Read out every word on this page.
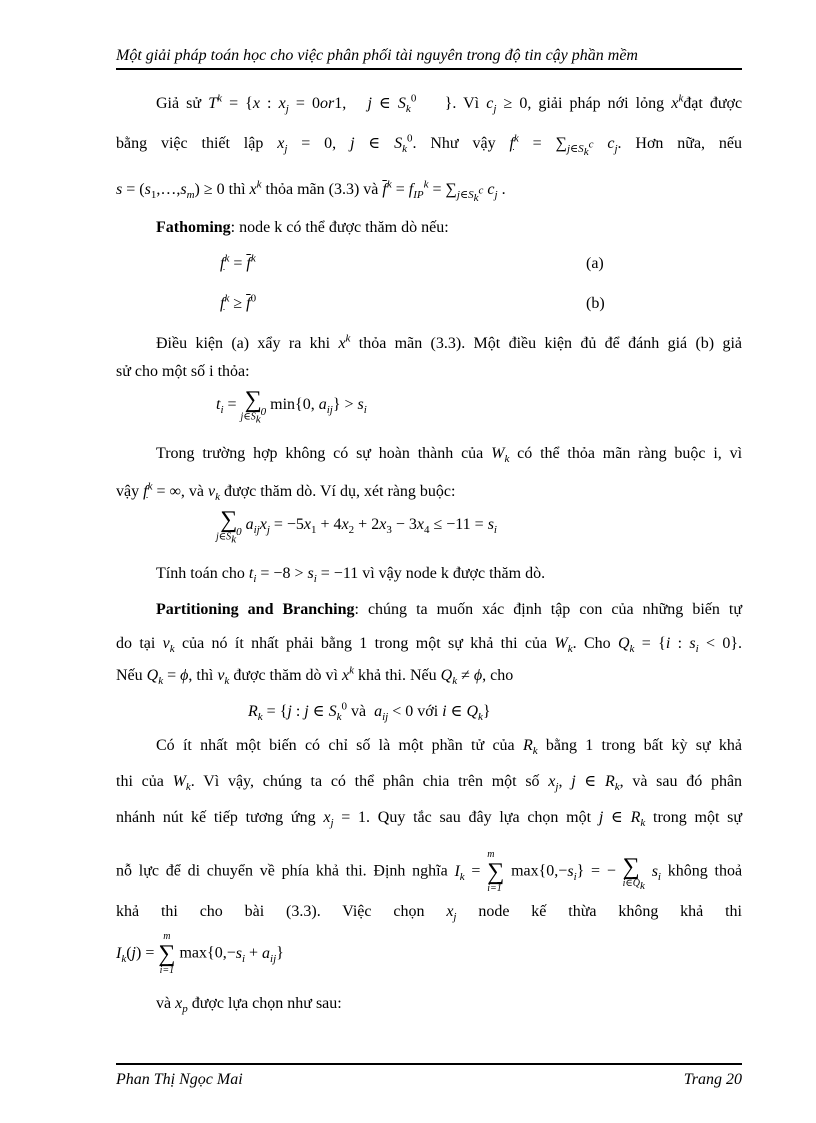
Một giải pháp toán học cho việc phân phối tài nguyên trong độ tin cậy phần mềm
Giả sử $T^k = \{x$ : $x_j = 0or1$,   j ∈ $S_k^0$    }. Vì $c_j \ge 0$, giải pháp nới lỏng $x^kđạt$ được
bằng việc thiết lập $x_j = 0$, j ∈ $S_k^0$. Như vậy $f^k = \sum_{j\in S_k^c}$ $c_j$. Hơn nữa, nếu
$s = (s_1,\dots,s_m) \ge 0$ thì $x^k$ thỏa mãn (3.3) và $\overline{f}^k = f_{IP}^k = \sum_{j\in S_k^c}$ $c_j$ .
Fathoming: node k có thể được thăm dò nếu:
$f^k = \overline{f}^k$	(a)
$f^k \ge \overline{f}^0$	(b)
Điều kiện (a) xẩy ra khi $x^k$ thỏa mãn (3.3). Một điều kiện đủ để đánh giá (b) giả
sử cho một số i thỏa:
$t_i$ = ∑
$j\in S_k^0$ min{0, $a_{ij}\} > s_i$
Trong trường hợp không có sự hoàn thành của $W_k$ có thể thỏa mãn ràng buộc i, vì
vậy $f^k$ = ∞, và $v_k$ được thăm dò. Ví dụ, xét ràng buộc:
∑
$j\in S_k^0$ $a_{ij}x_j = -5x_1 + 4x_2 + 2x_3 - 3x_4 \le -11 = s_i$
Tính toán cho $t_i = -8 > s_i = -11$ vì vậy node k được thăm dò.
Partitioning and Branching: chúng ta muốn xác định tập con của những biến tự
do tại $v_k$ của nó ít nhất phải bằng 1 trong một sự khả thi của $W_k$. Cho $Q_k = \{i$ : $s_i < 0$}.
Nếu $Q_k = \phi$, thì $v_k$ được thăm dò vì $x^k$ khả thi. Nếu $Q_k \ne \phi$, cho
$R_k = \{j$ : j ∈ $S_k^0$ và $a_{ij} < 0$ với i ∈ $Q_k$}
Có ít nhất một biến có chỉ số là một phần tử của $R_k$ bằng 1 trong bất kỳ sự khả
thi của $W_k$. Vì vậy, chúng ta có thể phân chia trên một số $x_j$, j ∈ $R_k$, và sau đó phân
nhánh nút kế tiếp tương ứng $x_j = 1$. Quy tắc sau đây lựa chọn một j ∈ $R_k$ trong một sự
nỗ lực để di chuyển về phía khả thi. Định nghĩa $I_k$ =
m
∑
i=1
$\max\{0,-s_i\}$ = − ∑
$i\in Q_k$
$s_i$ không thoả
khả thi cho bài (3.3). Việc chọn $x_j$ node kế thừa không khả thi
$I_k(j)$ =
m
∑
i=1
$\max\{0,-s_i + a_{ij}\}$
và $x_p$ được lựa chọn như sau:
Phan Thị Ngọc Mai	Trang 20
